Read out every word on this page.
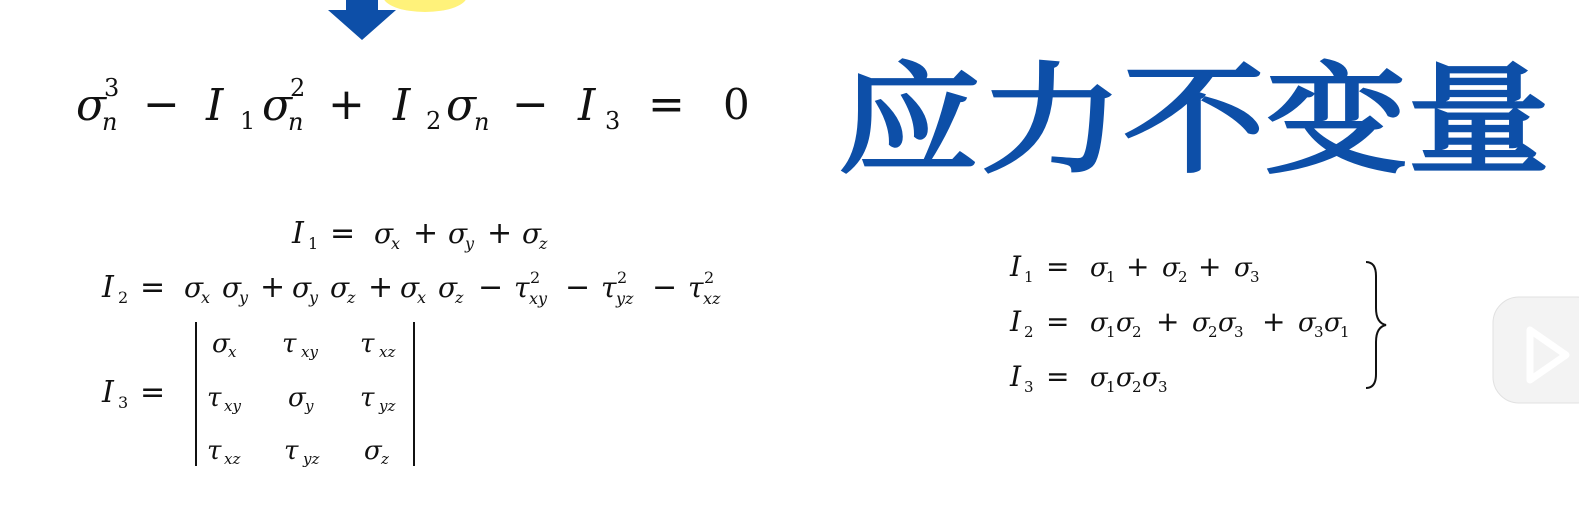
应力不变量
σ
3
n − I 1 σ
2
n + I 2 σ
n − I 3 = 0
I 1 = σ
x + σ
y + σ
z
I 2 = σ
x σ
y + σ
y σ
z + σ
x σ
z − τ 2
xy − τ 2
yz − τ 2
xz
I 3 =
σ
x τ xy τ xz
τ xy σ y τ yz
τ xz τ yz σ z
I 1 = σ
1 + σ
2 + σ
3
I 2 = σ
1 σ
2 + σ
2 σ
3 + σ
3 σ
1
I 3 = σ
1 σ
2 σ
3
